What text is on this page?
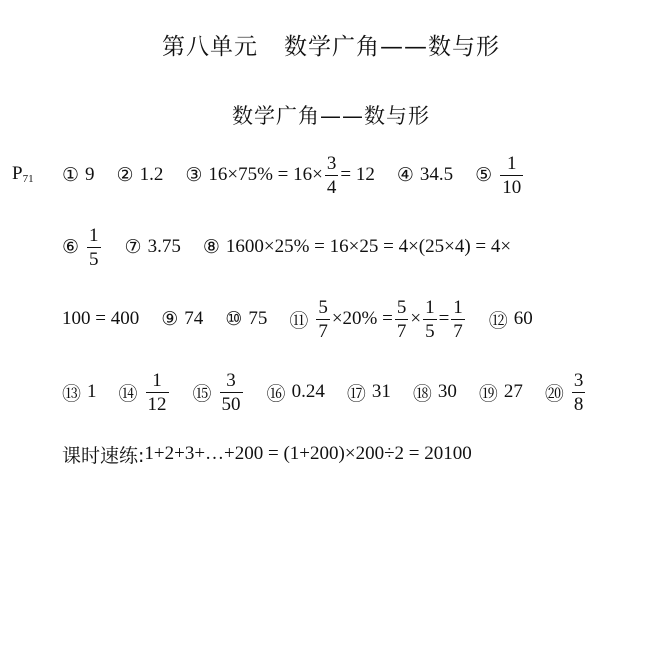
第八单元 数学广角——数与形
数学广角——数与形
$P_{71}$ ① 9 ② 1.2 ③ $16\times 75\% = 16\times \frac{3}{4} = 12$ ④ 34.5 ⑤ $\frac{1}{10}$
⑥ $\frac{1}{5}$ ⑦ 3.75 ⑧ 1600×25% = 16×25 = 4×(25×4) = 4×
100 = 400 ⑨ 74 ⑩ 75 ⑪ $\frac{5}{7} \times 20\% = \frac{5}{7} \times \frac{1}{5} = \frac{1}{7}$ ⑫ 60
⑬ 1 ⑭ $\frac{1}{12}$ ⑮ $\frac{3}{50}$ ⑯ 0.24 ⑰ 31 ⑱ 30 ⑲ 27 ⑳ $\frac{3}{8}$
课时速练: 1+2+3+…+200 = (1+200)×200÷2 = 20100
